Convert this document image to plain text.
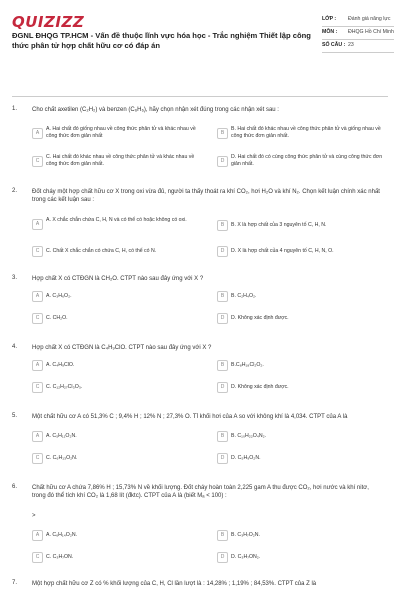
QUIZIZZ
ĐGNL ĐHQG TP.HCM - Vấn đề thuộc lĩnh vực hóa học - Trắc nghiệm Thiết lập công thức phân tử hợp chất hữu cơ có đáp án
LỚP :	Đánh giá năng lực
MÔN :	ĐHQG Hồ Chí Minh
SỐ CÂU : 23
1. Cho chất axetilen (C₂H₂) và benzen (C₆H₆), hãy chọn nhận xét đúng trong các nhận xét sau :
A
A. Hai chất đó giống nhau về công thức phân tử và khác nhau về công thức đơn giản nhất	B
B. Hai chất đó khác nhau về công thức phân tử và giống nhau về công thức đơn giản nhất.
C
C. Hai chất đó khác nhau về công thức phân tử và khác nhau về công thức đơn giản nhất.	D
D. Hai chất đó có cùng công thức phân tử và cùng công thức đơn giản nhất.
2. Đốt cháy một hợp chất hữu cơ X trong oxi vừa đủ, người ta thấy thoát ra khí CO₂, hơi H₂O và khí N₂. Chọn kết luận chính xác nhất trong các kết luận sau :
A
A. X chắc chắn chứa C, H, N và có thể có hoặc không có oxi.
B	B. X là hợp chất của 3 nguyên tố C, H, N.
C	C. Chất X chắc chắn có chứa C, H, có thể có N.	D	D. X là hợp chất của 4 nguyên tố C, H, N, O.
3. Hợp chất X có CTĐGN là CH₂O. CTPT nào sau đây ứng với X ?
A	A. C₃H₆O₂.	B	B. C₂H₄O₂.
C	C. CH₂O.	D	D. Không xác định được.
4. Hợp chất X có CTĐGN là C₄H₉ClO. CTPT nào sau đây ứng với X ?
A	A. C₄H₉ClO.	B	B.C₈H₁₈Cl₂O₂.
C	C. C₁₂H₂₇Cl₃O₃.	D	D. Không xác định được.
5. Một chất hữu cơ A có 51,3% C ; 9,4% H ; 12% N ; 27,3% O. Tỉ khối hơi của A so với không khí là 4,034. CTPT của A là
A	A. C₅H₁₁O₂N.	B	B. C₁₀H₂₂O₄N₂.
C	C. C₆H₁₃O₂N.	D	D. C₅H₉O₂N.
6. Chất hữu cơ A chứa 7,86% H ; 15,73% N về khối lượng. Đốt cháy hoàn toàn 2,225 gam A thu được CO₂, hơi nước và khí nitơ, trong đó thể tích khí CO₂ là 1,68 lít (đktc). CTPT của A là (biết Mₐ < 100) :
>
A	A. C₆H₁₄O₂N.	B	B. C₃H₇O₂N.
C	C. C₃H₇ON.	D	D. C₃H₇ON₂.
7. Một hợp chất hữu cơ Z có % khối lượng của C, H, Cl lần lượt là : 14,28% ; 1,19% ; 84,53%. CTPT của Z là
